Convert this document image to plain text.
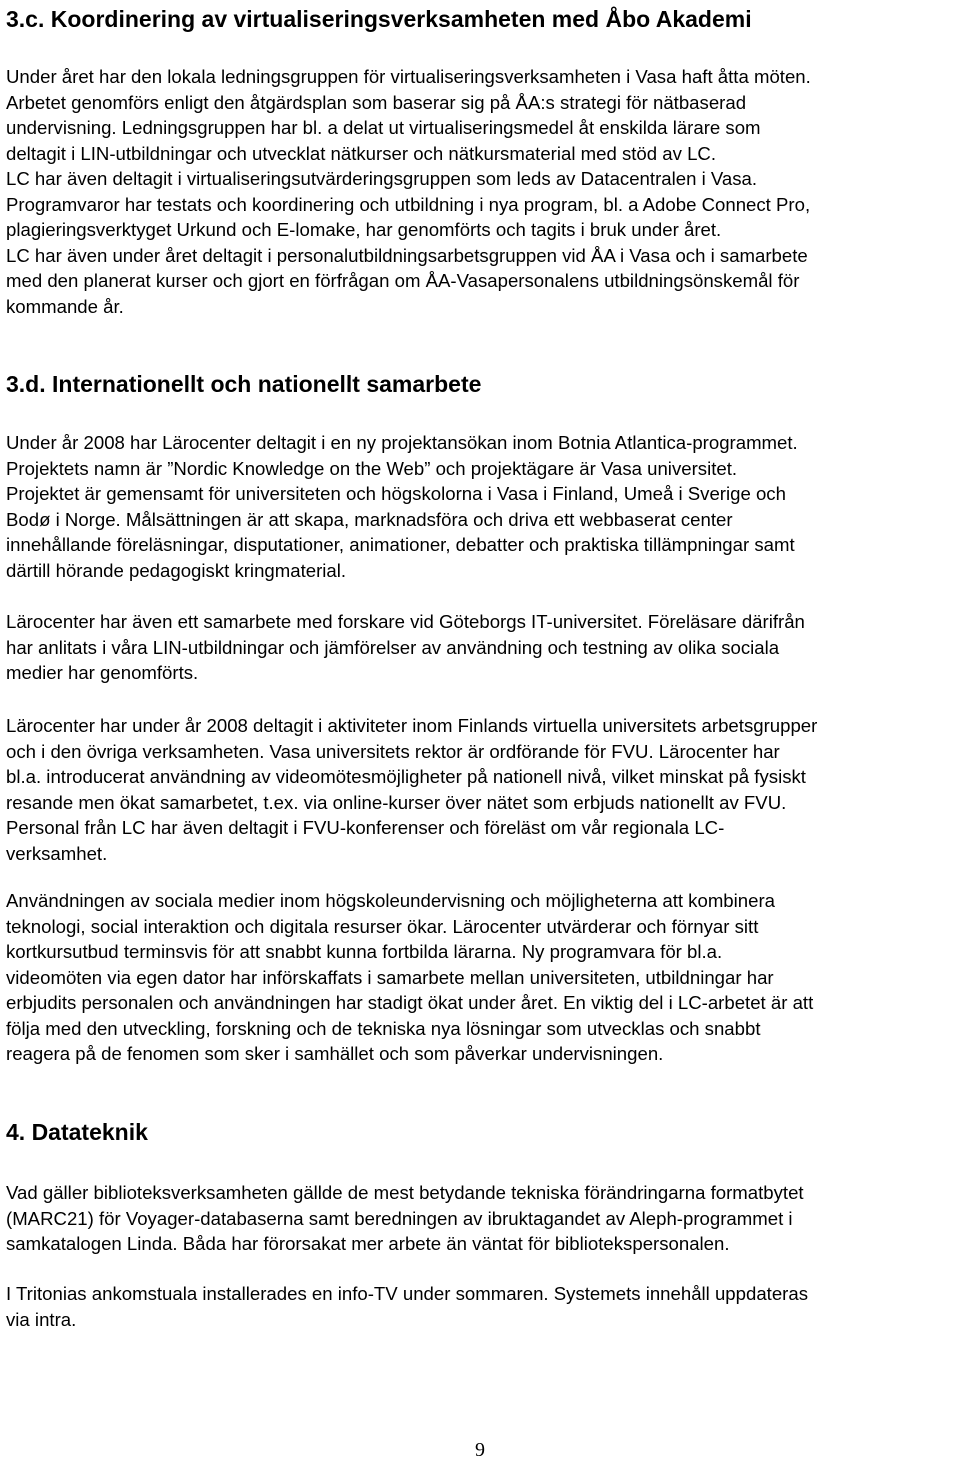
3.c. Koordinering av virtualiseringsverksamheten med Åbo Akademi

Under året har den lokala ledningsgruppen för virtualiseringsverksamheten i Vasa haft åtta möten.
Arbetet genomförs enligt den åtgärdsplan som baserar sig på ÅA:s strategi för nätbaserad
undervisning. Ledningsgruppen har bl. a delat ut virtualiseringsmedel åt enskilda lärare som
deltagit i LIN-utbildningar och utvecklat nätkurser och nätkursmaterial med stöd av LC.
LC har även deltagit i virtualiseringsutvärderingsgruppen som leds av Datacentralen i Vasa.
Programvaror har testats och koordinering och utbildning i nya program, bl. a Adobe Connect Pro,
plagieringsverktyget Urkund och E-lomake, har genomförts och tagits i bruk under året.
LC har även under året deltagit i personalutbildningsarbetsgruppen vid ÅA i Vasa och i samarbete
med den planerat kurser och gjort en förfrågan om ÅA-Vasapersonalens utbildningsönskemål för
kommande år.

3.d. Internationellt och nationellt samarbete

Under år 2008 har Lärocenter deltagit i en ny projektansökan inom Botnia Atlantica-programmet.
Projektets namn är ”Nordic Knowledge on the Web” och projektägare är Vasa universitet.
Projektet är gemensamt för universiteten och högskolorna i Vasa i Finland, Umeå i Sverige och
Bodø i Norge. Målsättningen är att skapa, marknadsföra och driva ett webbaserat center
innehållande föreläsningar, disputationer, animationer, debatter och praktiska tillämpningar samt
därtill hörande pedagogiskt kringmaterial.

Lärocenter har även ett samarbete med forskare vid Göteborgs IT-universitet. Föreläsare därifrån
har anlitats i våra LIN-utbildningar och jämförelser av användning och testning av olika sociala
medier har genomförts.

Lärocenter har under år 2008 deltagit i aktiviteter inom Finlands virtuella universitets arbetsgrupper
och i den övriga verksamheten. Vasa universitets rektor är ordförande för FVU. Lärocenter har
bl.a. introducerat användning av videomötesmöjligheter på nationell nivå, vilket minskat på fysiskt
resande men ökat samarbetet, t.ex. via online-kurser över nätet som erbjuds nationellt av FVU.
Personal från LC har även deltagit i FVU-konferenser och föreläst om vår regionala LC-
verksamhet.

Användningen av sociala medier inom högskoleundervisning och möjligheterna att kombinera
teknologi, social interaktion och digitala resurser ökar. Lärocenter utvärderar och förnyar sitt
kortkursutbud terminsvis för att snabbt kunna fortbilda lärarna. Ny programvara för bl.a.
videomöten via egen dator har införskaffats i samarbete mellan universiteten, utbildningar har
erbjudits personalen och användningen har stadigt ökat under året. En viktig del i LC-arbetet är att
följa med den utveckling, forskning och de tekniska nya lösningar som utvecklas och snabbt
reagera på de fenomen som sker i samhället och som påverkar undervisningen.

4. Datateknik

Vad gäller biblioteksverksamheten gällde de mest betydande tekniska förändringarna formatbytet
(MARC21) för Voyager-databaserna samt beredningen av ibruktagandet av Aleph-programmet i
samkatalogen Linda. Båda har förorsakat mer arbete än väntat för bibliotekspersonalen.

I Tritonias ankomstuala installerades en info-TV under sommaren. Systemets innehåll uppdateras
via intra.

9
